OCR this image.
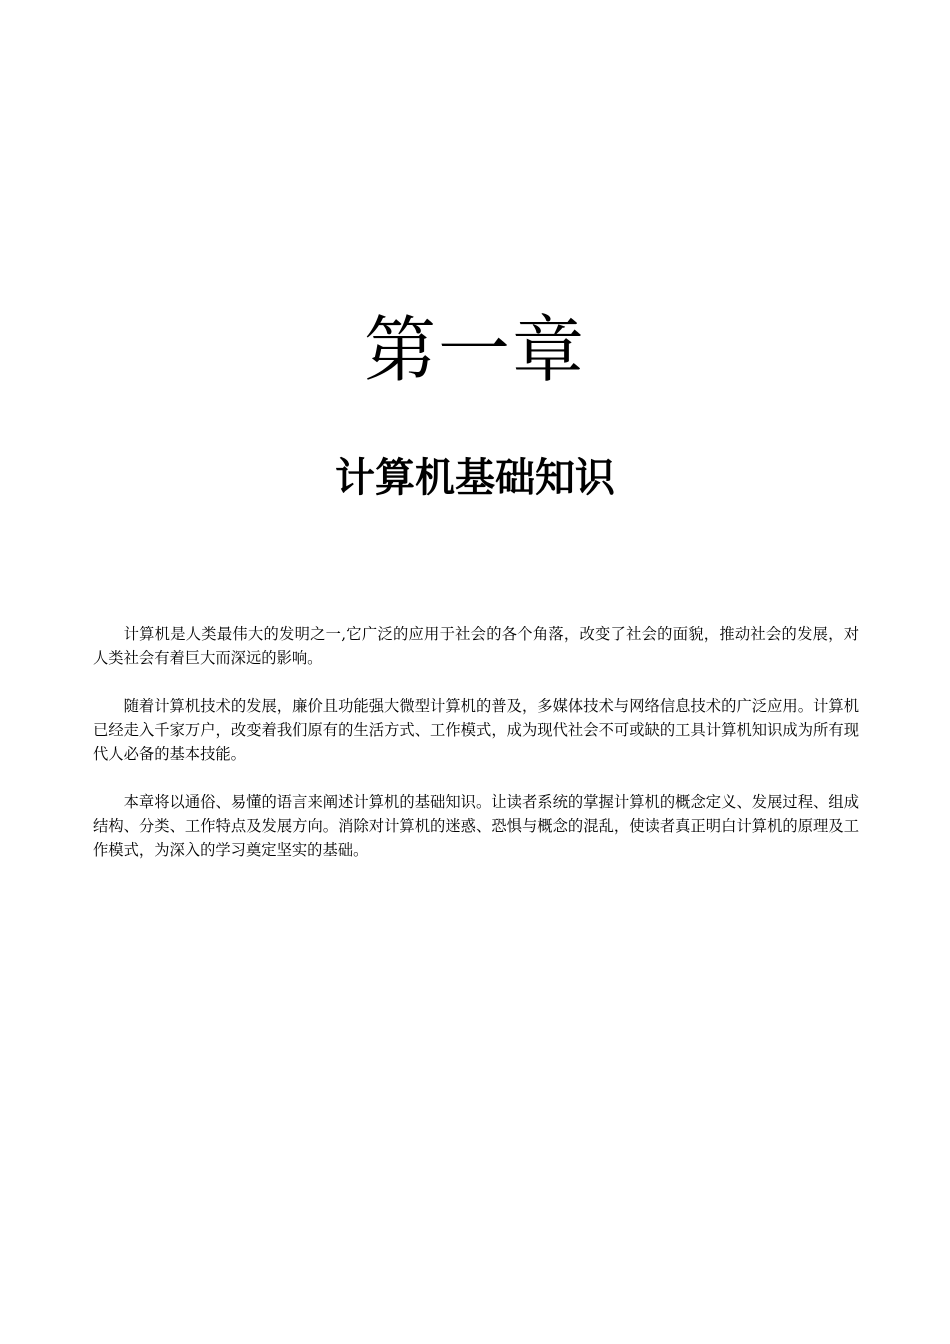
第一章
计算机基础知识

计算机是人类最伟大的发明之一,它广泛的应用于社会的各个角落，改变了社会的面貌，推动社会的发展，对人类社会有着巨大而深远的影响。

随着计算机技术的发展，廉价且功能强大微型计算机的普及，多媒体技术与网络信息技术的广泛应用。计算机已经走入千家万户，改变着我们原有的生活方式、工作模式，成为现代社会不可或缺的工具计算机知识成为所有现代人必备的基本技能。

本章将以通俗、易懂的语言来阐述计算机的基础知识。让读者系统的掌握计算机的概念定义、发展过程、组成结构、分类、工作特点及发展方向。消除对计算机的迷惑、恐惧与概念的混乱，使读者真正明白计算机的原理及工作模式，为深入的学习奠定坚实的基础。
